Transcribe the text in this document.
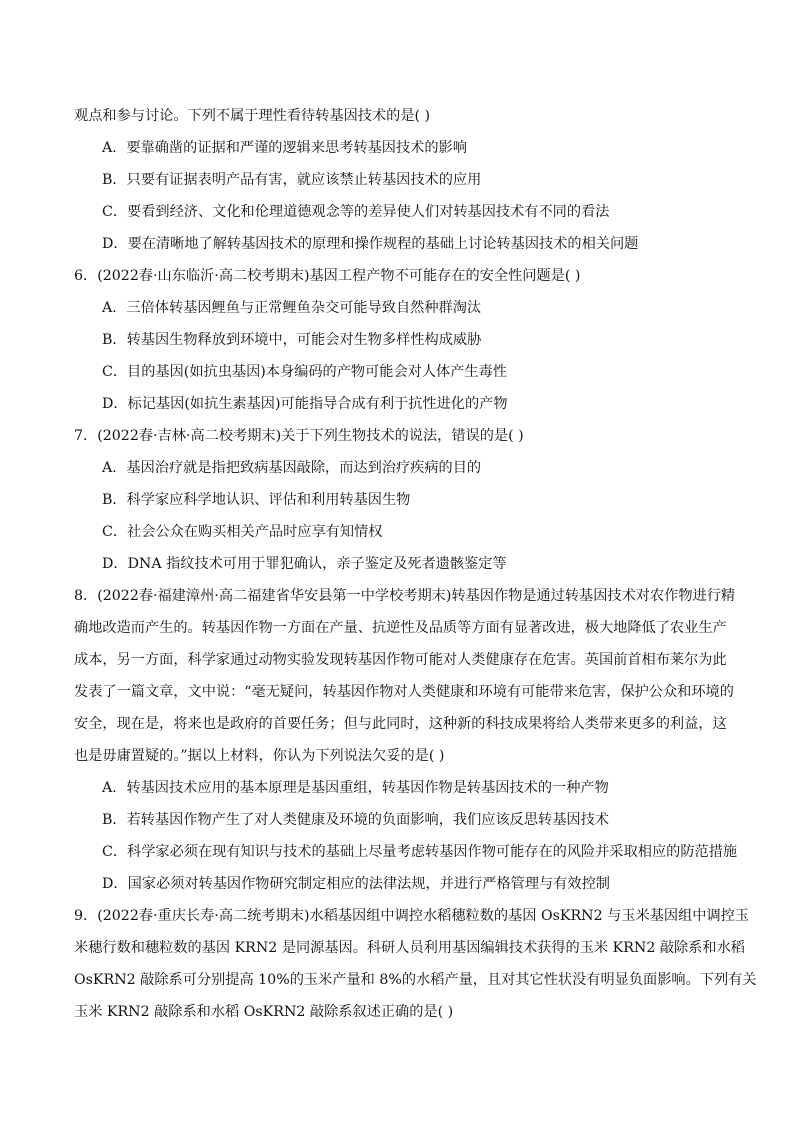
观点和参与讨论。下列不属于理性看待转基因技术的是( )
A．要靠确凿的证据和严谨的逻辑来思考转基因技术的影响
B．只要有证据表明产品有害，就应该禁止转基因技术的应用
C．要看到经济、文化和伦理道德观念等的差异使人们对转基因技术有不同的看法
D．要在清晰地了解转基因技术的原理和操作规程的基础上讨论转基因技术的相关问题
6．(2022春·山东临沂·高二校考期末)基因工程产物不可能存在的安全性问题是( )
A．三倍体转基因鲤鱼与正常鲤鱼杂交可能导致自然种群淘汰
B．转基因生物释放到环境中，可能会对生物多样性构成威胁
C．目的基因(如抗虫基因)本身编码的产物可能会对人体产生毒性
D．标记基因(如抗生素基因)可能指导合成有利于抗性进化的产物
7．(2022春·吉林·高二校考期末)关于下列生物技术的说法，错误的是( )
A．基因治疗就是指把致病基因敲除，而达到治疗疾病的目的
B．科学家应科学地认识、评估和利用转基因生物
C．社会公众在购买相关产品时应享有知情权
D．DNA 指纹技术可用于罪犯确认，亲子鉴定及死者遗骸鉴定等
8．(2022春·福建漳州·高二福建省华安县第一中学校考期末)转基因作物是通过转基因技术对农作物进行精
确地改造而产生的。转基因作物一方面在产量、抗逆性及品质等方面有显著改进，极大地降低了农业生产
成本，另一方面，科学家通过动物实验发现转基因作物可能对人类健康存在危害。英国前首相布莱尔为此
发表了一篇文章，文中说：“毫无疑问，转基因作物对人类健康和环境有可能带来危害，保护公众和环境的
安全，现在是，将来也是政府的首要任务；但与此同时，这种新的科技成果将给人类带来更多的利益，这
也是毋庸置疑的。”据以上材料，你认为下列说法欠妥的是( )
A．转基因技术应用的基本原理是基因重组，转基因作物是转基因技术的一种产物
B．若转基因作物产生了对人类健康及环境的负面影响，我们应该反思转基因技术
C．科学家必须在现有知识与技术的基础上尽量考虑转基因作物可能存在的风险并采取相应的防范措施
D．国家必须对转基因作物研究制定相应的法律法规，并进行严格管理与有效控制
9．(2022春·重庆长寿·高二统考期末)水稻基因组中调控水稻穗粒数的基因 OsKRN2 与玉米基因组中调控玉
米穗行数和穗粒数的基因 KRN2 是同源基因。科研人员利用基因编辑技术获得的玉米 KRN2 敲除系和水稻
OsKRN2 敲除系可分别提高 10%的玉米产量和 8%的水稻产量，且对其它性状没有明显负面影响。下列有关
玉米 KRN2 敲除系和水稻 OsKRN2 敲除系叙述正确的是( )
